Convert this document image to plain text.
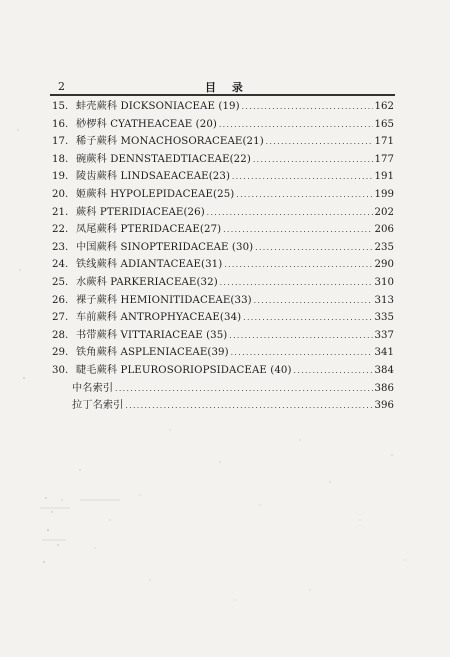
2	目 录
15. 蚌壳蕨科 DICKSONIACEAE (19) .....	162
16. 桫椤科 CYATHEACEAE (20) .....	165
17. 稀子蕨科 MONACHOSORACEAE(21) .....	171
18. 碗蕨科 DENNSTAEDTIACEAE(22) .....	177
19. 陵齿蕨科 LINDSAEACEAE(23) .....	191
20. 姬蕨科 HYPOLEPIDACEAE(25) .....	199
21. 蕨科 PTERIDIACEAE(26) .....	202
22. 凤尾蕨科 PTERIDACEAE(27) .....	206
23. 中国蕨科 SINOPTERIDACEAE (30) .....	235
24. 铁线蕨科 ADIANTACEAE(31) .....	290
25. 水蕨科 PARKERIACEAE(32) .....	310
26. 裸子蕨科 HEMIONITIDACEAE(33) .....	313
27. 车前蕨科 ANTROPHYACEAE(34) .....	335
28. 书带蕨科 VITTARIACEAE (35) .....	337
29. 铁角蕨科 ASPLENIACEAE(39) .....	341
30. 睫毛蕨科 PLEUROSORIOPSIDACEAE (40) .....	384
中名索引 .....	386
拉丁名索引 .....	396
